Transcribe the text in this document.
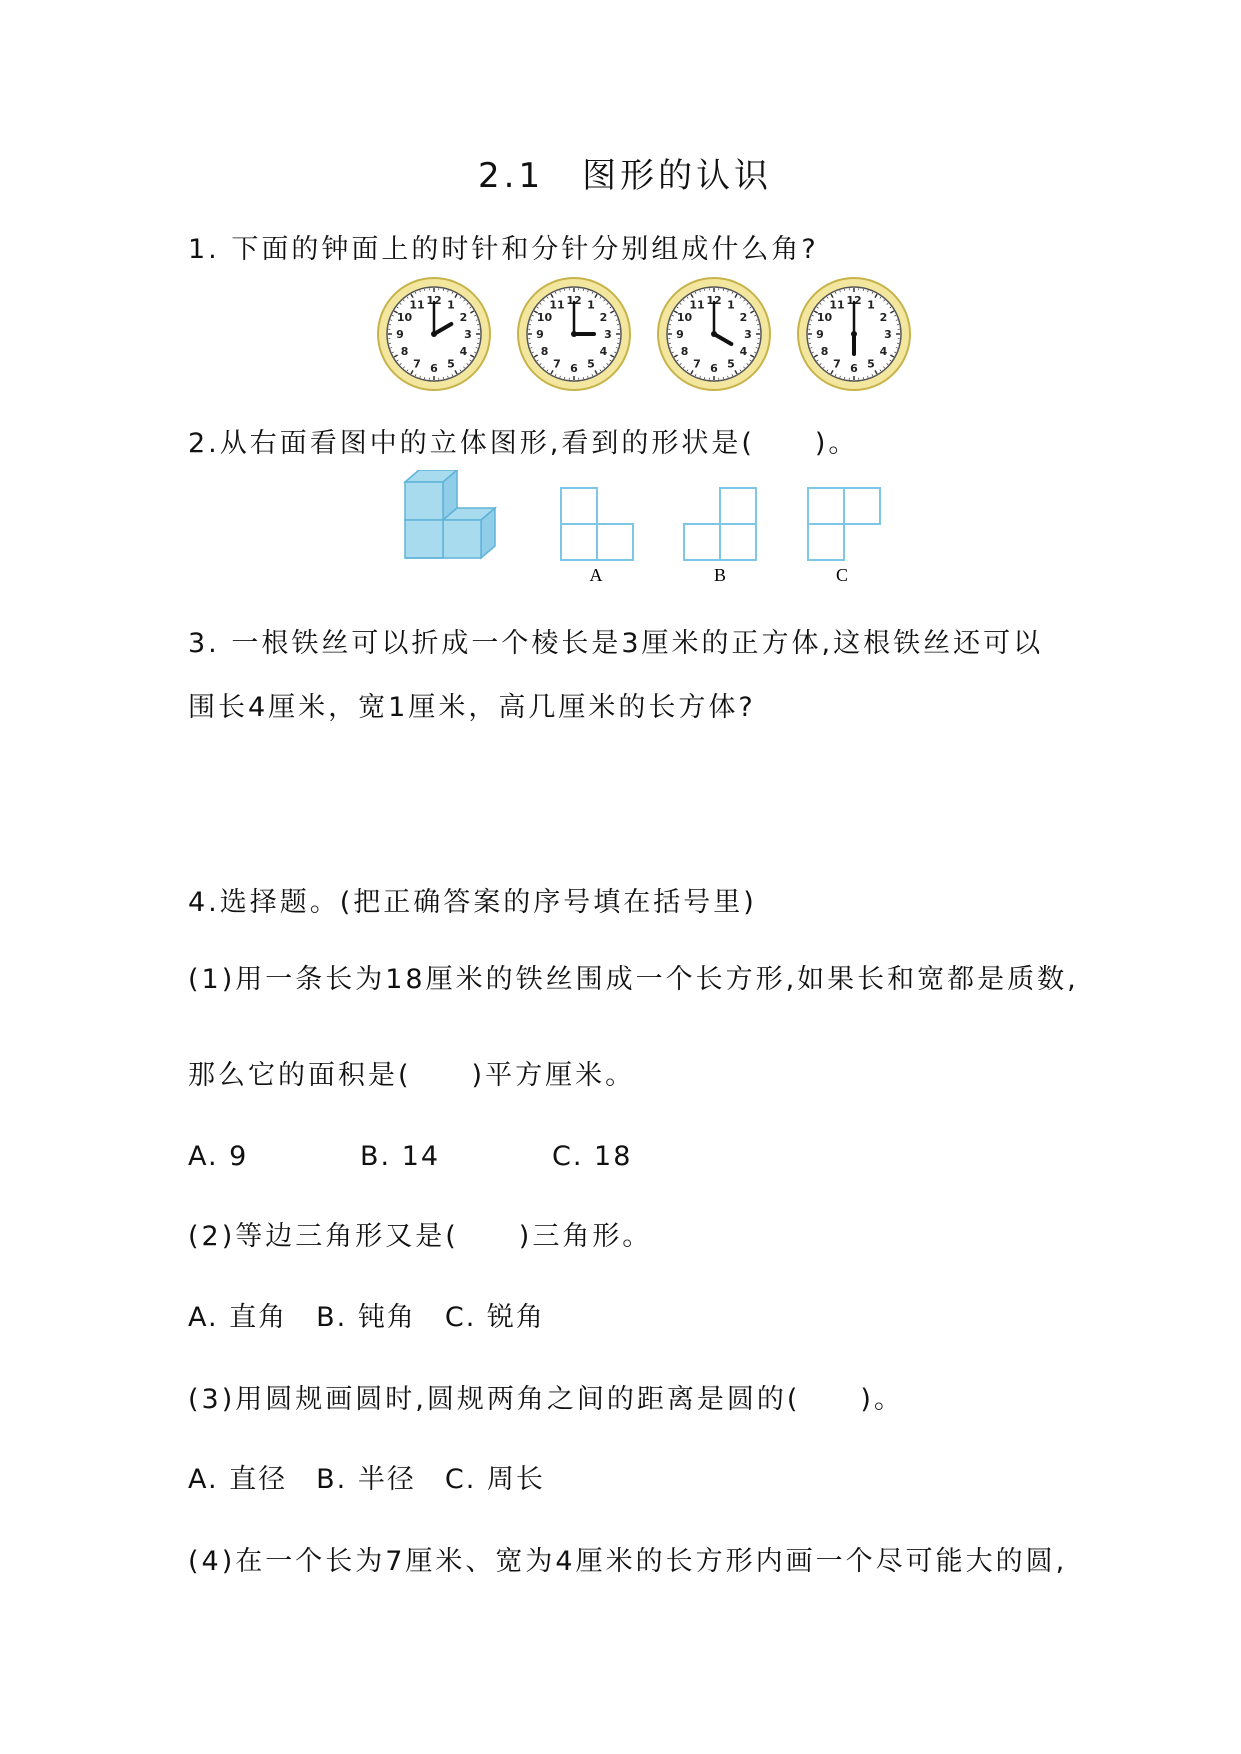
2.1　图形的认识
1. 下面的钟面上的时针和分针分别组成什么角?
12 1
2
3
4
5
6
7
8
9
10
11	12 1
2
3
4
5
6
7
8
9
10
11	12 1
2
3
4
5
6
7
8
9
10
11	12 1
2
3
4
5
6
7
8
9
10
11
2.从右面看图中的立体图形,看到的形状是(　　)。
A	B	C
3. 一根铁丝可以折成一个棱长是3厘米的正方体,这根铁丝还可以
围长4厘米，宽1厘米，高几厘米的长方体?
4.选择题。(把正确答案的序号填在括号里)
(1)用一条长为18厘米的铁丝围成一个长方形,如果长和宽都是质数,
那么它的面积是(　　)平方厘米。
A. 9	B. 14	C. 18
(2)等边三角形又是(　　)三角形。
A. 直角　B. 钝角　C. 锐角
(3)用圆规画圆时,圆规两角之间的距离是圆的(　　)。
A. 直径　B. 半径　C. 周长
(4)在一个长为7厘米、宽为4厘米的长方形内画一个尽可能大的圆,
